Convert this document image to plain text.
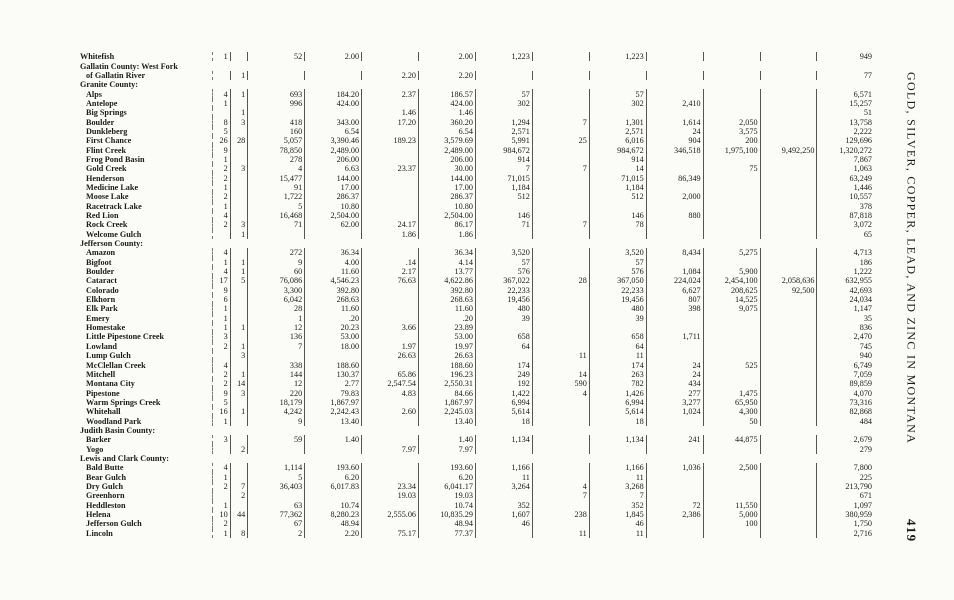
Whitefish	1		52	2.00		2.00	1,223		1,223				949
Gallatin County: West Fork													
of Gallatin River		1			2.20	2.20							77
Granite County:													
Alps	4	1	693	184.20	2.37	186.57	57		57				6,571
Antelope	1		996	424.00		424.00	302		302	2,410			15,257
Big Springs		1			1.46	1.46							51
Boulder	8	3	418	343.00	17.20	360.20	1,294	7	1,301	1,614	2,050		13,758
Dunkleberg	5		160	6.54		6.54	2,571		2,571	24	3,575		2,222
First Chance	26	28	5,057	3,390.46	189.23	3,579.69	5,991	25	6,016	904	200		129,696
Flint Creek	9		78,850	2,489.00		2,489.00	984,672		984,672	346,518	1,975,100	9,492,250	1,320,272
Frog Pond Basin	1		278	206.00		206.00	914		914				7,867
Gold Creek	2	3	4	6.63	23.37	30.00	7	7	14		75		1,063
Henderson	2		15,477	144.00		144.00	71,015		71,015	86,349			63,249
Medicine Lake	1		91	17.00		17.00	1,184		1,184				1,446
Moose Lake	2		1,722	286.37		286.37	512		512	2,000			10,557
Racetrack Lake	1		5	10.80		10.80							378
Red Lion	4		16,468	2,504.00		2,504.00	146		146	880			87,818
Rock Creek	2	3	71	62.00	24.17	86.17	71	7	78				3,072
Welcome Gulch		1			1.86	1.86							65
Jefferson County:													
Amazon	4		272	36.34		36.34	3,520		3,520	8,434	5,275		4,713
Bigfoot	1	1	9	4.00	.14	4.14	57		57				186
Boulder	4	1	60	11.60	2.17	13.77	576		576	1,084	5,900		1,222
Cataract	17	5	76,086	4,546.23	76.63	4,622.86	367,022	28	367,050	224,024	2,454,100	2,058,636	632,955
Colorado	9		3,300	392.80		392.80	22,233		22,233	6,627	208,625	92,500	42,693
Elkhorn	6		6,042	268.63		268.63	19,456		19,456	807	14,525		24,034
Elk Park	1		28	11.60		11.60	480		480	398	9,075		1,147
Emery	1		1	.20		.20	39		39				35
Homestake	1	1	12	20.23	3.66	23.89							836
Little Pipestone Creek	3		136	53.00		53.00	658		658	1,711			2,470
Lowland	2	1	7	18.00	1.97	19.97	64		64				745
Lump Gulch		3			26.63	26.63		11	11				940
McClellan Creek	4		338	188.60		188.60	174		174	24	525		6,749
Mitchell	2	1	144	130.37	65.86	196.23	249	14	263	24			7,059
Montana City	2	14	12	2.77	2,547.54	2,550.31	192	590	782	434			89,859
Pipestone	9	3	220	79.83	4.83	84.66	1,422	4	1,426	277	1,475		4,070
Warm Springs Creek	5		18,179	1,867.97		1,867.97	6,994		6,994	3,277	65,950		73,316
Whitehall	16	1	4,242	2,242.43	2.60	2,245.03	5,614		5,614	1,024	4,300		82,868
Woodland Park	1		9	13.40		13.40	18		18		50		484
Judith Basin County:													
Barker	3		59	1.40		1.40	1,134		1,134	241	44,875		2,679
Yogo		2			7.97	7.97							279
Lewis and Clark County:													
Bald Butte	4		1,114	193.60		193.60	1,166		1,166	1,036	2,500		7,800
Bear Gulch	1		5	6.20		6.20	11		11				225
Dry Gulch	2	7	36,403	6,017.83	23.34	6,041.17	3,264	4	3,268				213,790
Greenhorn		2			19.03	19.03		7	7				671
Heddleston	1		63	10.74		10.74	352		352	72	11,550		1,097
Helena	10	44	77,362	8,280.23	2,555.06	10,835.29	1,607	238	1,845	2,386	5,000		380,959
Jefferson Gulch	2		67	48.94		48.94	46		46		100		1,750
Lincoln	1	8	2	2.20	75.17	77.37		11	11				2,716
GOLD, SILVER, COPPER, LEAD, AND ZINC IN MONTANA
419
